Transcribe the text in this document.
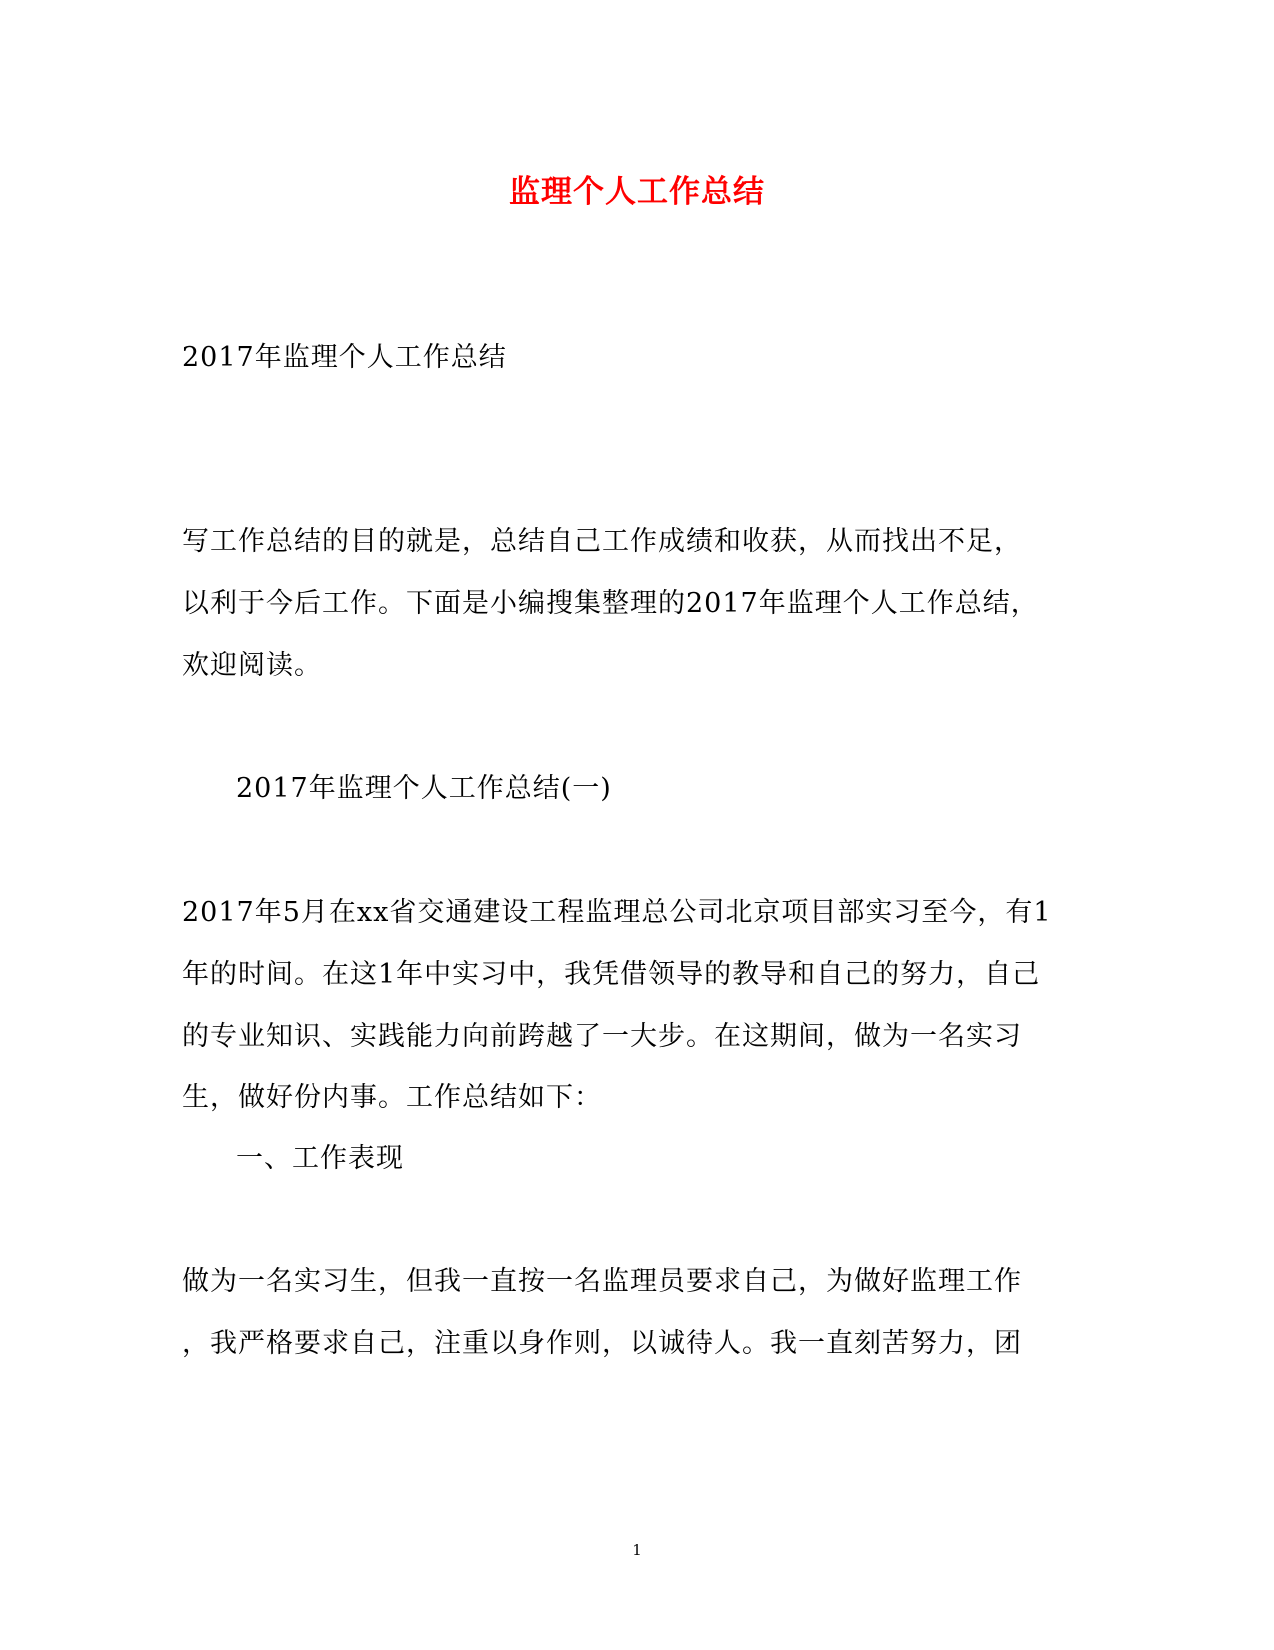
监理个人工作总结
2017年监理个人工作总结
写工作总结的目的就是，总结自己工作成绩和收获，从而找出不足，
以利于今后工作。下面是小编搜集整理的2017年监理个人工作总结，
欢迎阅读。
2017年监理个人工作总结(一)
2017年5月在xx省交通建设工程监理总公司北京项目部实习至今，有1
年的时间。在这1年中实习中，我凭借领导的教导和自己的努力，自己
的专业知识、实践能力向前跨越了一大步。在这期间，做为一名实习
生，做好份内事。工作总结如下：
一、工作表现
做为一名实习生，但我一直按一名监理员要求自己，为做好监理工作
，我严格要求自己，注重以身作则，以诚待人。我一直刻苦努力，团
1
